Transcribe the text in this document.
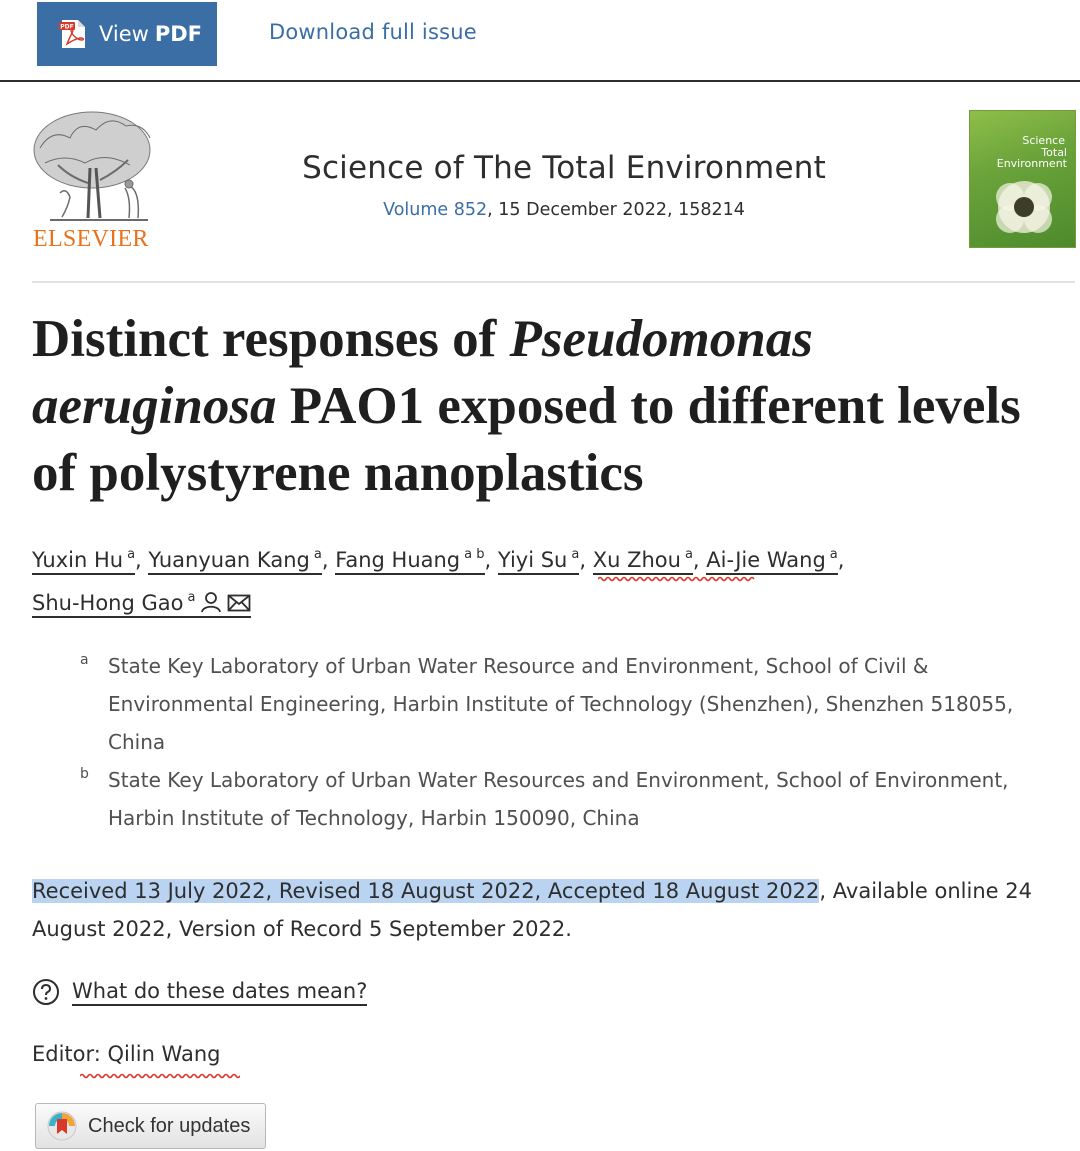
PDF View PDF	Download full issue
ELSEVIER
Science of The Total Environment
Volume 852, 15 December 2022, 158214
Science
Total Environment
Distinct responses of Pseudomonas
aeruginosa PAO1 exposed to different levels of polystyrene nanoplastics
Yuxin Hu $^a$, Yuanyuan Kang $^a$, Fang Huang $^{a b}$, Yiyi Su $^a$, Xu Zhou $^a$, Ai-Jie Wang $^a$,
Shu-Hong Gao $^a$
a State Key Laboratory of Urban Water Resource and Environment, School of Civil & Environmental Engineering, Harbin Institute of Technology (Shenzhen), Shenzhen 518055, China
b State Key Laboratory of Urban Water Resources and Environment, School of Environment, Harbin Institute of Technology, Harbin 150090, China
Received 13 July 2022, Revised 18 August 2022, Accepted 18 August 2022, Available online 24 August 2022, Version of Record 5 September 2022.
What do these dates mean?
Editor: Qilin Wang
Check for updates
